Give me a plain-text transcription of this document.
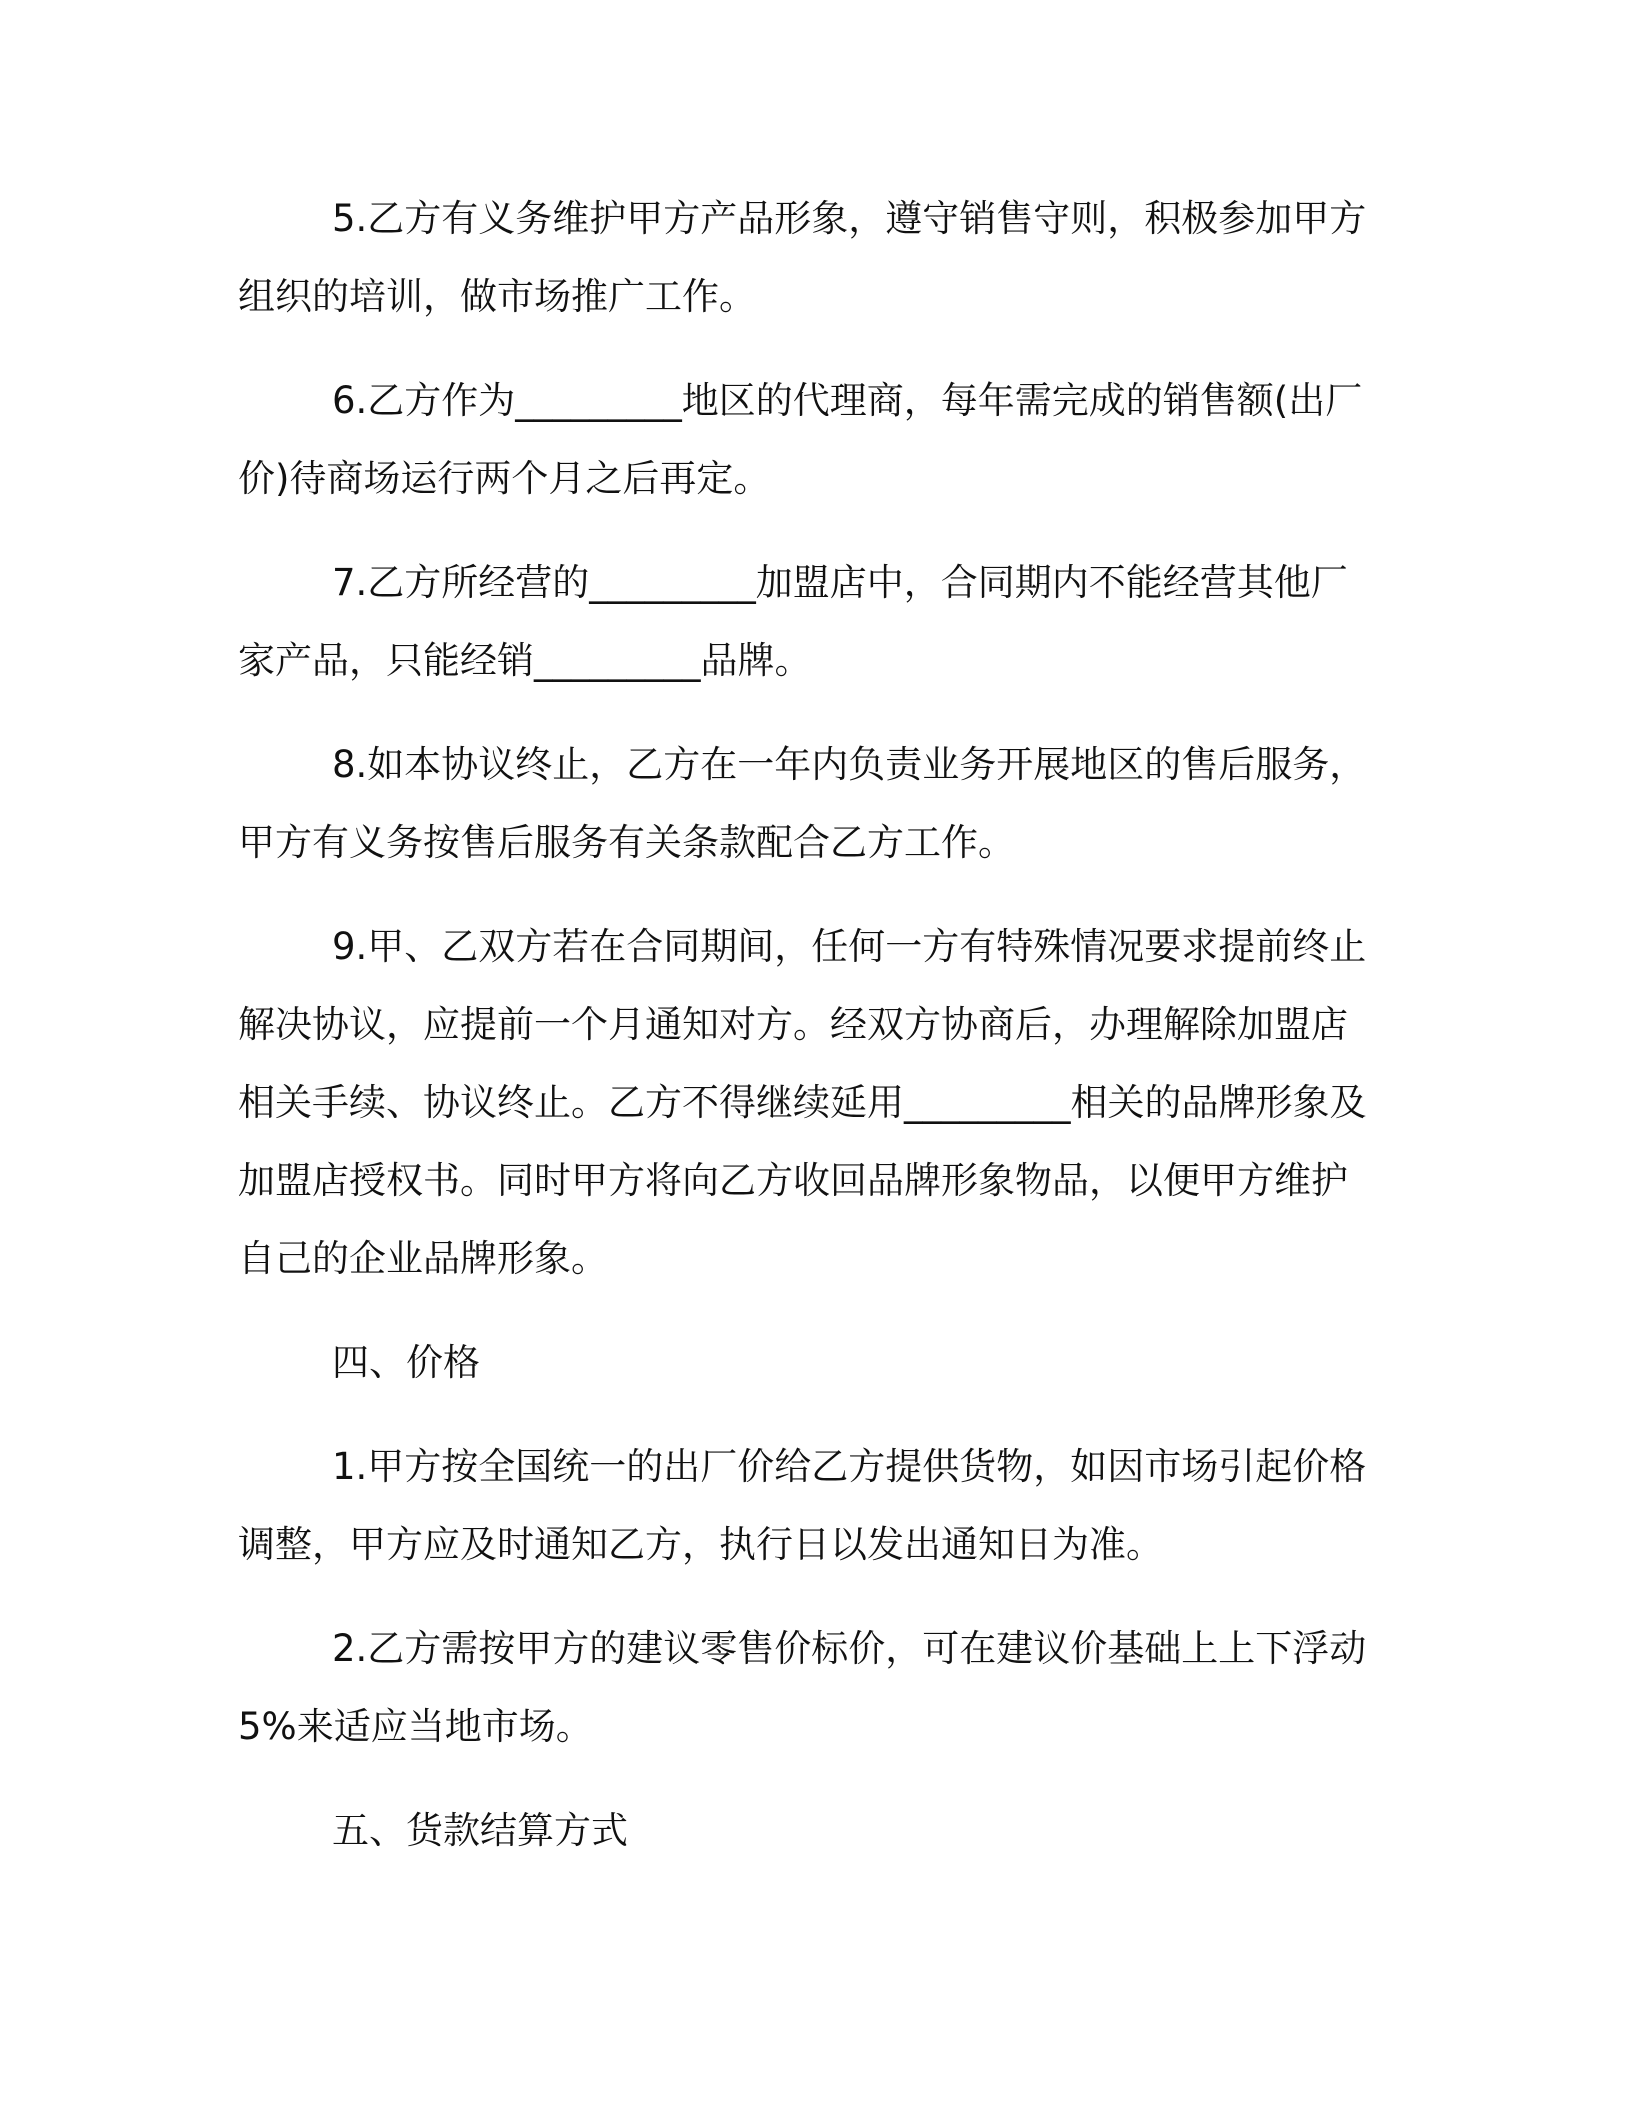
5.乙方有义务维护甲方产品形象，遵守销售守则，积极参加甲方组织的培训，做市场推广工作。

6.乙方作为_________地区的代理商，每年需完成的销售额(出厂价)待商场运行两个月之后再定。

7.乙方所经营的_________加盟店中，合同期内不能经营其他厂家产品，只能经销_________品牌。

8.如本协议终止，乙方在一年内负责业务开展地区的售后服务，甲方有义务按售后服务有关条款配合乙方工作。

9.甲、乙双方若在合同期间，任何一方有特殊情况要求提前终止解决协议，应提前一个月通知对方。经双方协商后，办理解除加盟店相关手续、协议终止。乙方不得继续延用_________相关的品牌形象及加盟店授权书。同时甲方将向乙方收回品牌形象物品，以便甲方维护自己的企业品牌形象。

四、价格

1.甲方按全国统一的出厂价给乙方提供货物，如因市场引起价格调整，甲方应及时通知乙方，执行日以发出通知日为准。

2.乙方需按甲方的建议零售价标价，可在建议价基础上上下浮动5%来适应当地市场。

五、货款结算方式
